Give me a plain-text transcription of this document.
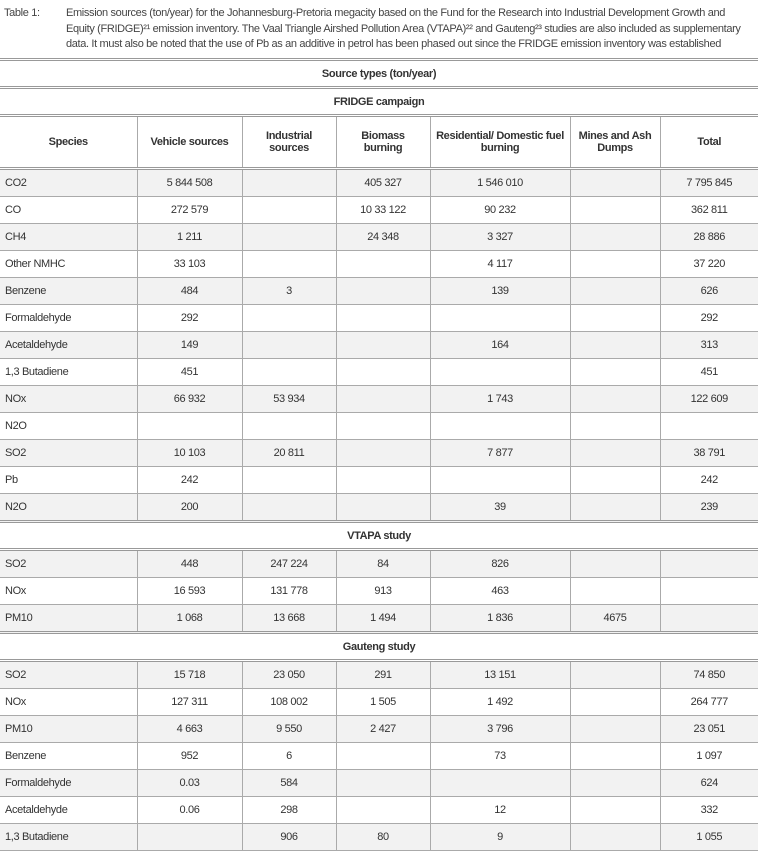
Table 1:	Emission sources (ton/year) for the Johannesburg-Pretoria megacity based on the Fund for the Research into Industrial Development Growth and Equity (FRIDGE)²¹ emission inventory. The Vaal Triangle Airshed Pollution Area (VTAPA)²² and Gauteng²³ studies are also included as supplementary data. It must also be noted that the use of Pb as an additive in petrol has been phased out since the FRIDGE emission inventory was established
Source types (ton/year)						
FRIDGE campaign						
Species	Vehicle sources	Industrial sources	Biomass burning	Residential/ Domestic fuel burning	Mines and Ash Dumps	Total
CO2	5 844 508		405 327	1 546 010		7 795 845
CO	272 579		10 33 122	90 232		362 811
CH4	1 211		24 348	3 327		28 886
Other NMHC	33 103			4 117		37 220
Benzene	484	3		139		626
Formaldehyde	292					292
Acetaldehyde	149			164		313
1,3 Butadiene	451					451
NOx	66 932	53 934		1 743		122 609
N2O						
SO2	10 103	20 811		7 877		38 791
Pb	242					242
N2O	200			39		239
VTAPA study						
SO2	448	247 224	84	826		
NOx	16 593	131 778	913	463		
PM10	1 068	13 668	1 494	1 836	4675	
Gauteng study						
SO2	15 718	23 050	291	13 151		74 850
NOx	127 311	108 002	1 505	1 492		264 777
PM10	4 663	9 550	2 427	3 796		23 051
Benzene	952	6		73		1 097
Formaldehyde	0.03	584				624
Acetaldehyde	0.06	298		12		332
1,3 Butadiene		906	80	9		1 055
